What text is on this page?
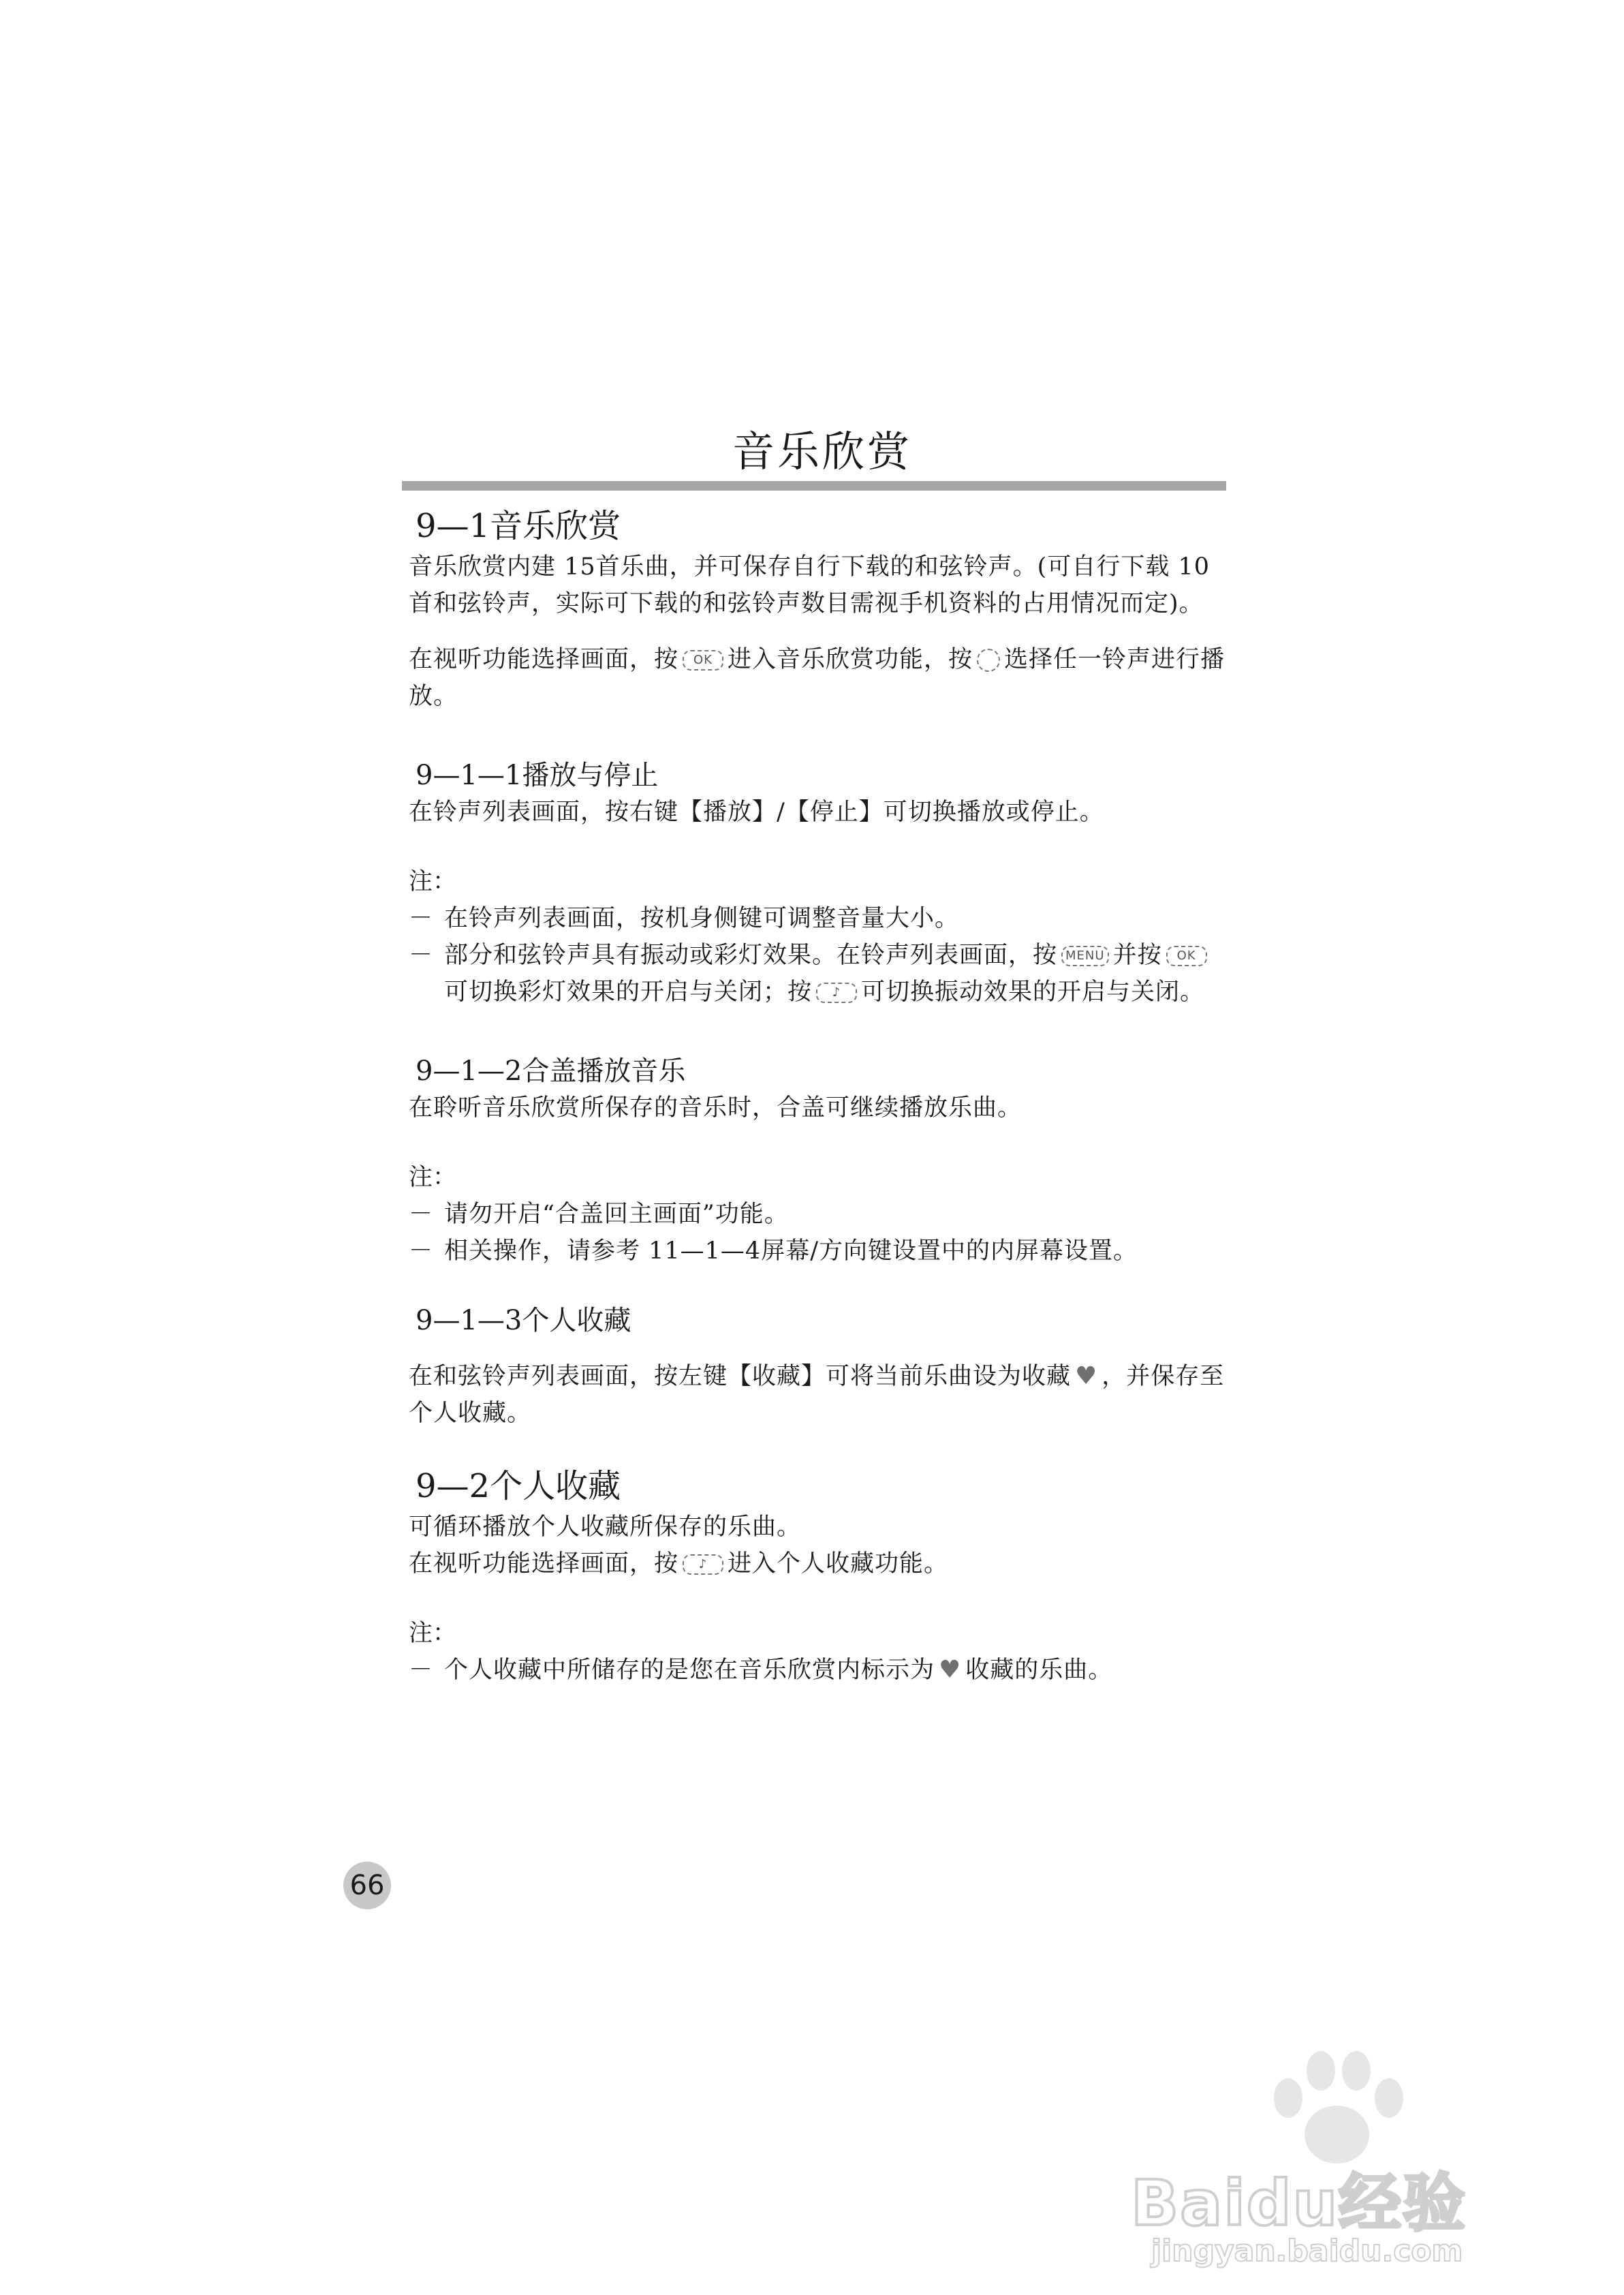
音乐欣赏
9—1音乐欣赏

音乐欣赏内建 15首乐曲，并可保存自行下载的和弦铃声。(可自行下载 10首和弦铃声，实际可下载的和弦铃声数目需视手机资料的占用情况而定)。

在视听功能选择画面，按 OK 进入音乐欣赏功能，按 选择任一铃声进行播放。

9—1—1播放与停止

在铃声列表画面，按右键【播放】/【停止】可切换播放或停止。

注：

－ 在铃声列表画面，按机身侧键可调整音量大小。
－ 部分和弦铃声具有振动或彩灯效果。在铃声列表画面，按 MENU 并按 OK可切换彩灯效果的开启与关闭；按 ♪ 可切换振动效果的开启与关闭。
9—1—2合盖播放音乐

在聆听音乐欣赏所保存的音乐时，合盖可继续播放乐曲。

注：

－ 请勿开启“合盖回主画面”功能。
－ 相关操作，请参考 11—1—4屏幕/方向键设置中的内屏幕设置。
9—1—3个人收藏

在和弦铃声列表画面，按左键【收藏】可将当前乐曲设为收藏 ♥ ，并保存至个人收藏。

9—2个人收藏

可循环播放个人收藏所保存的乐曲。

在视听功能选择画面，按 ♪ 进入个人收藏功能。

注：

－ 个人收藏中所储存的是您在音乐欣赏内标示为 ♥ 收藏的乐曲。
66
Baidu经验
jingyan.baidu.com
